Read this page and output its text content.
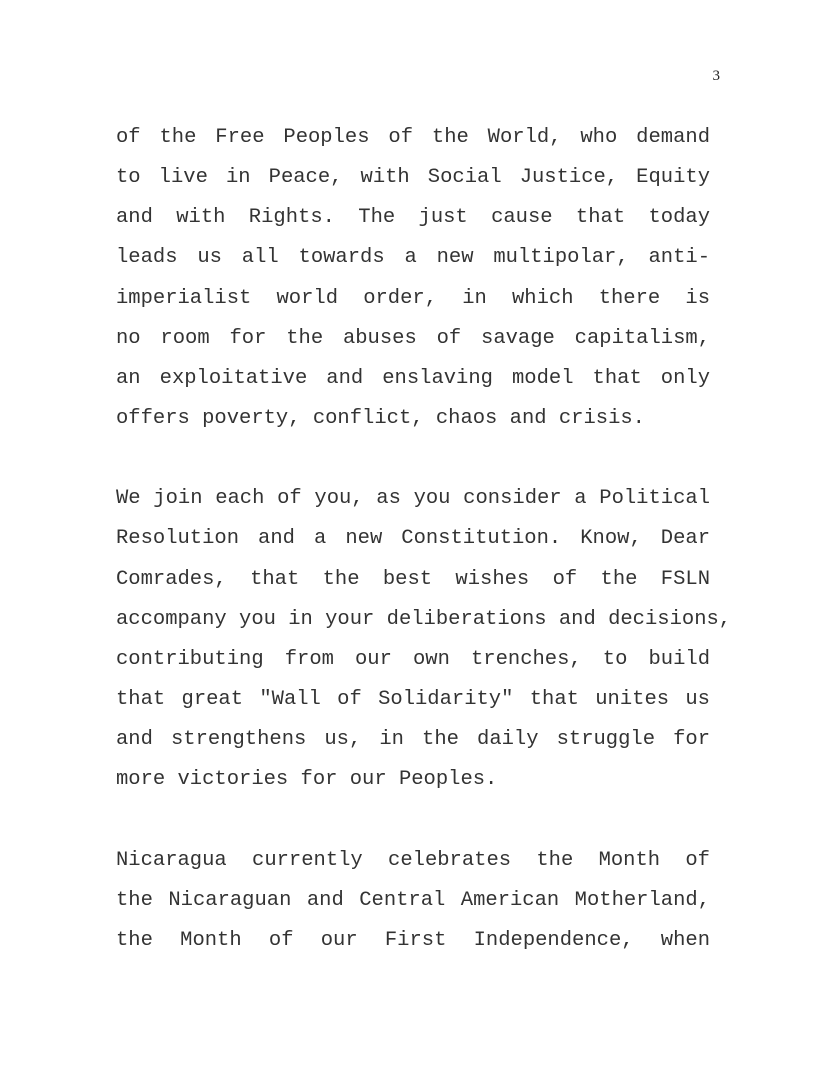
3
of the Free Peoples of the World, who demand
to live in Peace, with Social Justice, Equity
and with Rights. The just cause that today
leads us all towards a new multipolar, anti-
imperialist world order, in which there is
no room for the abuses of savage capitalism,
an exploitative and enslaving model that only
offers poverty, conflict, chaos and crisis.
We join each of you, as you consider a Political
Resolution and a new Constitution. Know, Dear
Comrades, that the best wishes of the FSLN
accompany you in your deliberations and decisions,
contributing from our own trenches, to build
that great "Wall of Solidarity" that unites us
and strengthens us, in the daily struggle for
more victories for our Peoples.
Nicaragua currently celebrates the Month of
the Nicaraguan and Central American Motherland,
the Month of our First Independence, when
